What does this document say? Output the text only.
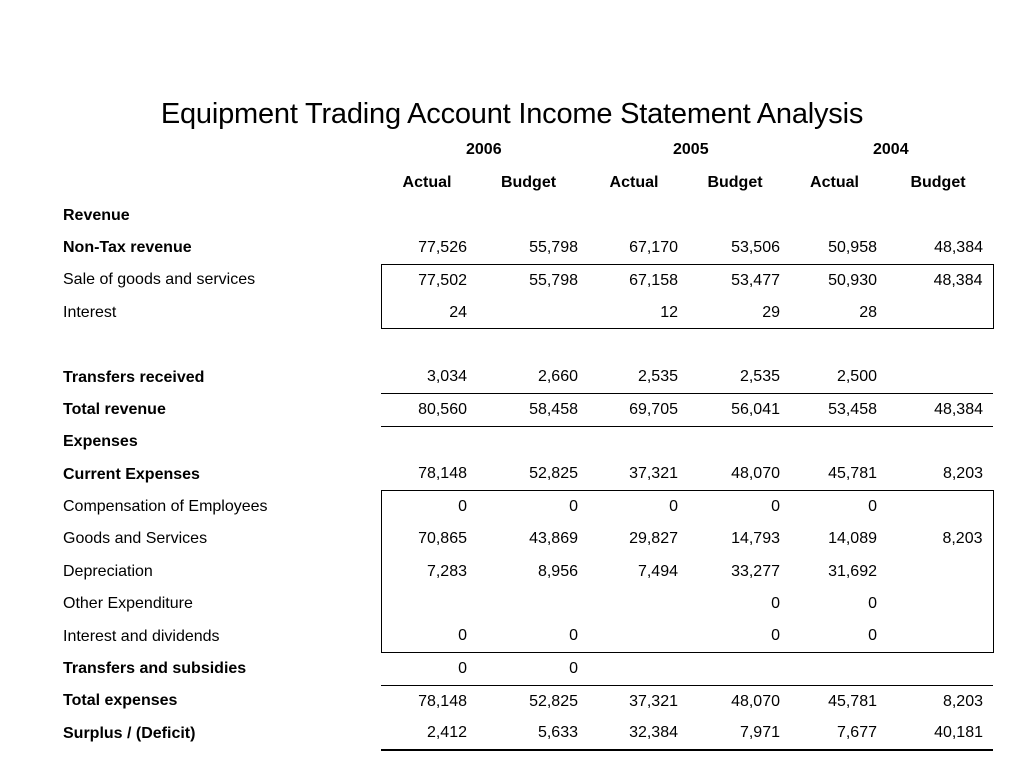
Equipment Trading Account Income Statement Analysis
2006	2005	2004
	Actual	Budget	Actual	Budget	Actual	Budget
Revenue						
Non-Tax revenue	77,526	55,798	67,170	53,506	50,958	48,384
Sale of goods and services	77,502	55,798	67,158	53,477	50,930	48,384
Interest	24		12	29	28	

Transfers received	3,034	2,660	2,535	2,535	2,500	
Total revenue	80,560	58,458	69,705	56,041	53,458	48,384
Expenses						
Current Expenses	78,148	52,825	37,321	48,070	45,781	8,203
Compensation of Employees	0	0	0	0	0	
Goods and Services	70,865	43,869	29,827	14,793	14,089	8,203
Depreciation	7,283	8,956	7,494	33,277	31,692	
Other Expenditure				0	0	
Interest and dividends	0	0		0	0	
Transfers and subsidies	0	0				
Total expenses	78,148	52,825	37,321	48,070	45,781	8,203
Surplus / (Deficit)	2,412	5,633	32,384	7,971	7,677	40,181
